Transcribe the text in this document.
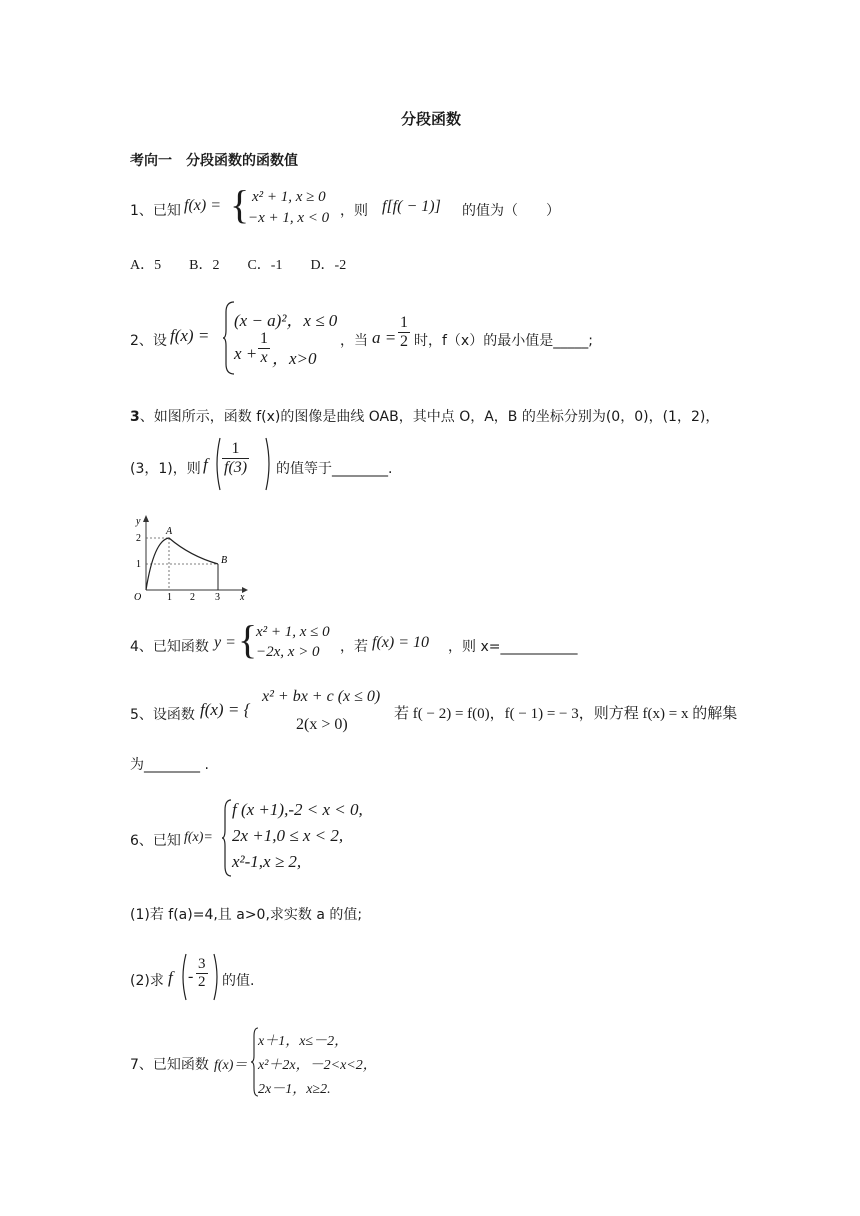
分段函数
考向一　分段函数的函数值
1、已知 f(x) = { x² + 1, x ≥ 0
−x + 1, x < 0 ，则 f[f( − 1)] 的值为（　　）
A．5　　B．2　　C．-1　　D．-2
2、设 f(x) =
(x − a)²，x ≤ 0
$x + \frac{1}{x}$ ，x>0
，当 $a = \frac{1}{2}$ 时，f（x）的最小值是_____;
3、如图所示，函数 f(x)的图像是曲线 OAB，其中点 O，A，B 的坐标分别为(0，0)，(1，2)，
(3，1)，则 f $\frac{1}{f(3)}$ 的值等于________.
y
x
O
A
B
1
2
1 2 3
4、已知函数 y = {
x² + 1, x ≤ 0
−2x, x > 0 ，若 f(x) = 10 ，则 x=___________
5、设函数 f(x) = {
x² + bx + c (x ≤ 0)
2(x > 0)
若 f( − 2) = f(0)，f( − 1) = − 3，则方程 f(x) = x 的解集
为________ .
6、已知 f(x)=
f (x +1),-2 < x < 0,
2x +1,0 ≤ x < 2,
x²-1,x ≥ 2,
(1)若 f(a)=4,且 a>0,求实数 a 的值;
(2)求 f - $\frac{3}{2}$ 的值.
7、已知函数 f(x)＝
x＋1，x≤－2，
x²＋2x，－2<x<2，
2x－1，x≥2.
